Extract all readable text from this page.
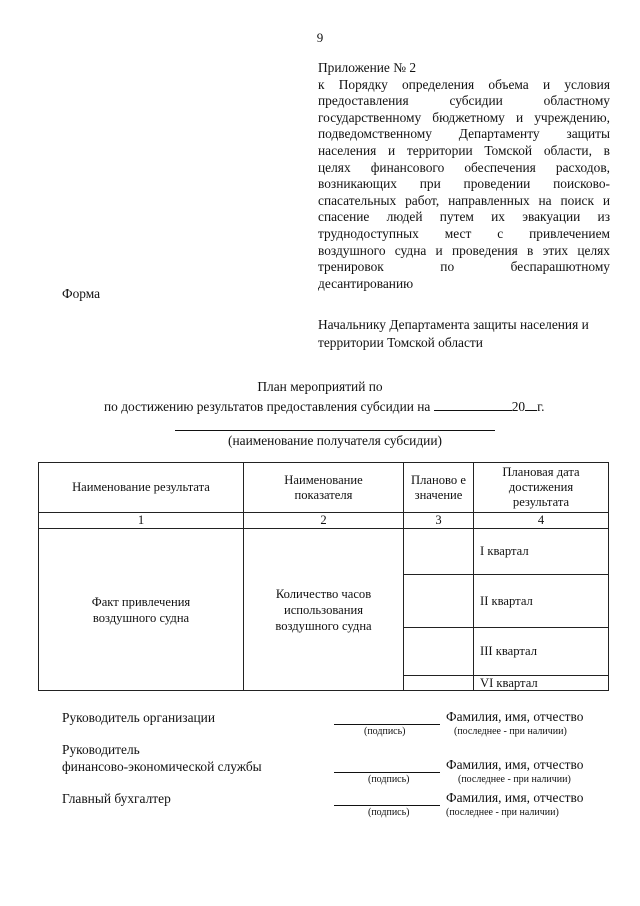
9
Приложение № 2
к Порядку определения объема и условия
предоставления субсидии областному
государственному бюджетному и учреждению,
подведомственному Департаменту защиты
населения и территории Томской области, в
целях финансового обеспечения расходов,
возникающих при проведении поисково-
спасательных работ, направленных на поиск и
спасение людей путем их эвакуации из
труднодоступных мест с привлечением
воздушного судна и проведения в этих целях
тренировок по беспарашютному
десантированию
Форма
Начальнику Департамента защиты населения и территории Томской области
План мероприятий по
по достижению результатов предоставления субсидии на	20 г.
(наименование получателя субсидии)
Наименование результата	Наименование показателя	Планово е значение	Плановая дата достижения результата
1	2	3	4
Факт привлечения воздушного судна	Количество часов использования воздушного судна		I квартал
			II квартал
			III квартал
			VI квартал
Руководитель организации
(подпись)
Фамилия, имя, отчество
(последнее - при наличии)
Руководитель
финансово-экономической службы
(подпись)
Фамилия, имя, отчество
(последнее - при наличии)
Главный бухгалтер
(подпись)
Фамилия, имя, отчество
(последнее - при наличии)
